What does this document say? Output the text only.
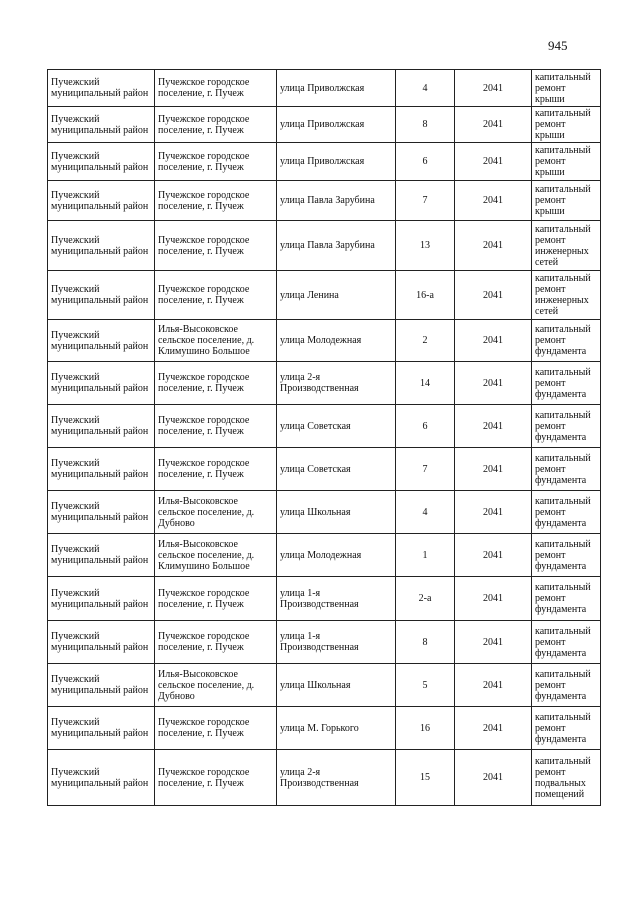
945
Пучежский муниципальный район	Пучежское городское поселение, г. Пучеж	улица Приволжская	4	2041	капитальный ремонт крыши
Пучежский муниципальный район	Пучежское городское поселение, г. Пучеж	улица Приволжская	8	2041	капитальный ремонт крыши
Пучежский муниципальный район	Пучежское городское поселение, г. Пучеж	улица Приволжская	6	2041	капитальный ремонт крыши
Пучежский муниципальный район	Пучежское городское поселение, г. Пучеж	улица Павла Зарубина	7	2041	капитальный ремонт крыши
Пучежский муниципальный район	Пучежское городское поселение, г. Пучеж	улица Павла Зарубина	13	2041	капитальный ремонт инженерных сетей
Пучежский муниципальный район	Пучежское городское поселение, г. Пучеж	улица Ленина	16-а	2041	капитальный ремонт инженерных сетей
Пучежский муниципальный район	Илья-Высоковское сельское поселение, д. Климушино Большое	улица Молодежная	2	2041	капитальный ремонт фундамента
Пучежский муниципальный район	Пучежское городское поселение, г. Пучеж	улица 2-я Производственная	14	2041	капитальный ремонт фундамента
Пучежский муниципальный район	Пучежское городское поселение, г. Пучеж	улица Советская	6	2041	капитальный ремонт фундамента
Пучежский муниципальный район	Пучежское городское поселение, г. Пучеж	улица Советская	7	2041	капитальный ремонт фундамента
Пучежский муниципальный район	Илья-Высоковское сельское поселение, д. Дубново	улица Школьная	4	2041	капитальный ремонт фундамента
Пучежский муниципальный район	Илья-Высоковское сельское поселение, д. Климушино Большое	улица Молодежная	1	2041	капитальный ремонт фундамента
Пучежский муниципальный район	Пучежское городское поселение, г. Пучеж	улица 1-я Производственная	2-а	2041	капитальный ремонт фундамента
Пучежский муниципальный район	Пучежское городское поселение, г. Пучеж	улица 1-я Производственная	8	2041	капитальный ремонт фундамента
Пучежский муниципальный район	Илья-Высоковское сельское поселение, д. Дубново	улица Школьная	5	2041	капитальный ремонт фундамента
Пучежский муниципальный район	Пучежское городское поселение, г. Пучеж	улица М. Горького	16	2041	капитальный ремонт фундамента
Пучежский муниципальный район	Пучежское городское поселение, г. Пучеж	улица 2-я Производственная	15	2041	капитальный ремонт подвальных помещений
